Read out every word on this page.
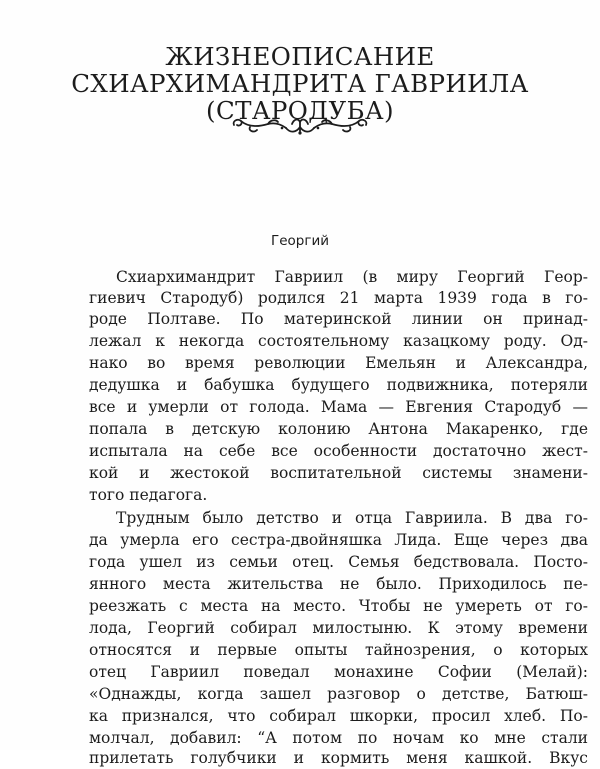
ЖИЗНЕОПИСАНИЕ
СХИАРХИМАНДРИТА ГАВРИИЛА
(СТАРОДУБА)
Георгий
Схиархимандрит Гавриил (в миру Георгий Геор-
гиевич Стародуб) родился 21 марта 1939 года в го-
роде Полтаве. По материнской линии он принад-
лежал к некогда состоятельному казацкому роду. Од-
нако во время революции Емельян и Александра,
дедушка и бабушка будущего подвижника, потеряли
все и умерли от голода. Мама — Евгения Стародуб —
попала в детскую колонию Антона Макаренко, где
испытала на себе все особенности достаточно жест-
кой и жестокой воспитательной системы знамени-
того педагога.
Трудным было детство и отца Гавриила. В два го-
да умерла его сестра-двойняшка Лида. Еще через два
года ушел из семьи отец. Семья бедствовала. Посто-
янного места жительства не было. Приходилось пе-
реезжать с места на место. Чтобы не умереть от го-
лода, Георгий собирал милостыню. К этому времени
относятся и первые опыты тайнозрения, о которых
отец Гавриил поведал монахине Софии (Мелай):
«Однажды, когда зашел разговор о детстве, Батюш-
ка признался, что собирал шкорки, просил хлеб. По-
молчал, добавил: “А потом по ночам ко мне стали
прилетать голубчики и кормить меня кашкой. Вкус
